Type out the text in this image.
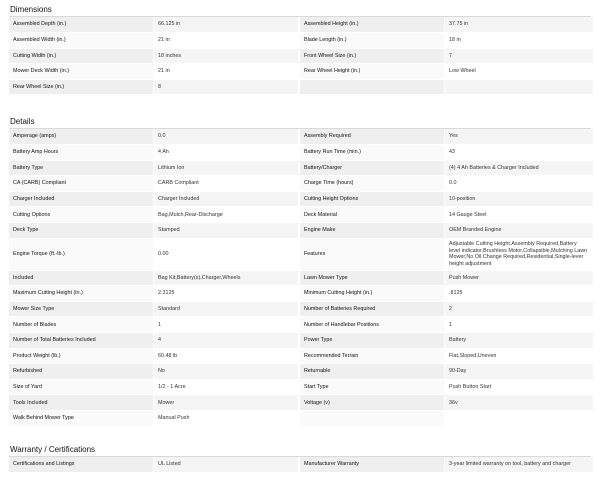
Dimensions
Assembled Depth (in.)	66.125 in		Assembled Height (in.)	37.75 in
Assembled Width (in.)	21 in		Blade Length (in.)	18 in
Cutting Width (in.)	18 inches		Front Wheel Size (in.)	7
Mower Deck Width (in.)	21 in		Rear Wheel Height (in.)	Low Wheel
Rear Wheel Size (in.)	8			
Details
Amperage (amps)	0.0		Assembly Required	Yes
Battery Amp Hours	4 Ah		Battery Run Time (min.)	43
Battery Type	Lithium Ion		Battery/Charger	(4) 4 Ah Batteries & Charger Included
CA (CARB) Compliant	CARB Compliant		Charge Time (hours)	0.0
Charger Included	Charger Included		Cutting Height Options	10-position
Cutting Options	Bag,Mulch,Rear-Discharge		Deck Material	14 Gauge Steel
Deck Type	Stamped		Engine Make	OEM Branded Engine
Engine Torque (ft.-lb.)	0.00		Features	Adjustable Cutting Height,Assembly Required,Battery level indicator,Brushless Motor,Collapsible,Mulching Lawn Mower,No Oil Change Required,Residential,Single-lever height adjustment
Included	Bag Kit,Battery(s),Charger,Wheels		Lawn Mower Type	Push Mower
Maximum Cutting Height (in.)	2.3125		Minimum Cutting Height (in.)	.8125
Mower Size Type	Standard		Number of Batteries Required	2
Number of Blades	1		Number of Handlebar Positions	1
Number of Total Batteries Included	4		Power Type	Battery
Product Weight (lb.)	60.48 lb		Recommended Terrain	Flat,Sloped,Uneven
Refurbished	No		Returnable	90-Day
Size of Yard	1/2 - 1 Acre		Start Type	Push Button Start
Tools Included	Mower		Voltage (v)	36v
Walk Behind Mower Type	Manual Push			
Warranty / Certifications
Certifications and Listings	UL Listed		Manufacturer Warranty	3-year limited warranty on tool, battery and charger
